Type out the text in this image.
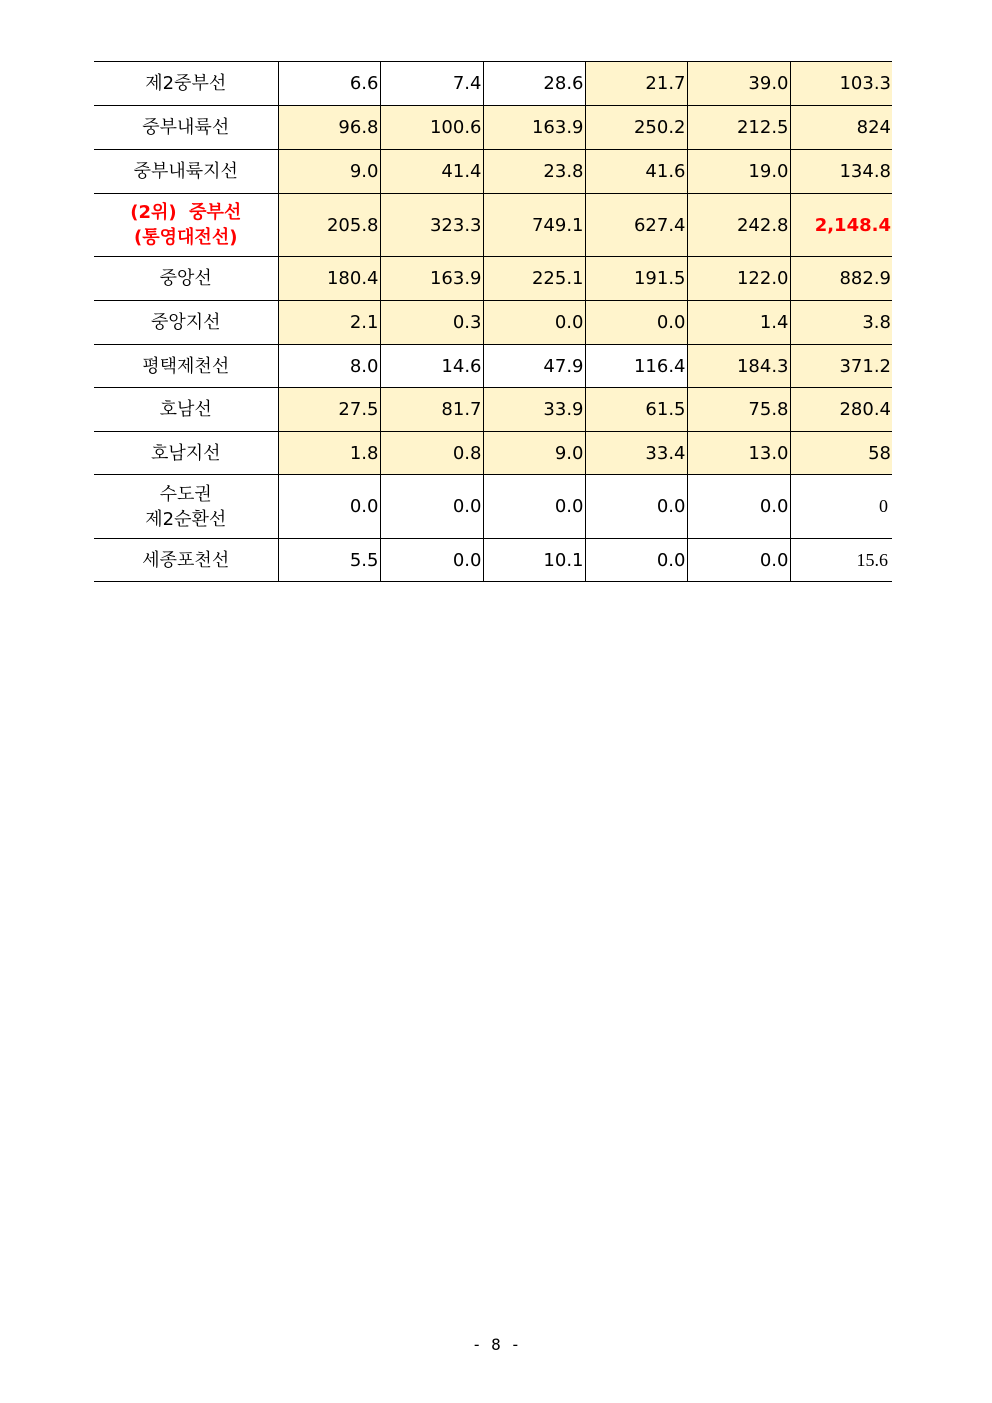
제2중부선	6.6	7.4	28.6	21.7	39.0	103.3
중부내륙선	96.8	100.6	163.9	250.2	212.5	824
중부내륙지선	9.0	41.4	23.8	41.6	19.0	134.8

(2위)  중부선
(통영대전선)	205.8	323.3	749.1	627.4	242.8	2,148.4
중앙선	180.4	163.9	225.1	191.5	122.0	882.9
중앙지선	2.1	0.3	0.0	0.0	1.4	3.8
평택제천선	8.0	14.6	47.9	116.4	184.3	371.2
호남선	27.5	81.7	33.9	61.5	75.8	280.4
호남지선	1.8	0.8	9.0	33.4	13.0	58

수도권
제2순환선	0.0	0.0	0.0	0.0	0.0	0
세종포천선	5.5	0.0	10.1	0.0	0.0	15.6
- 8 -
